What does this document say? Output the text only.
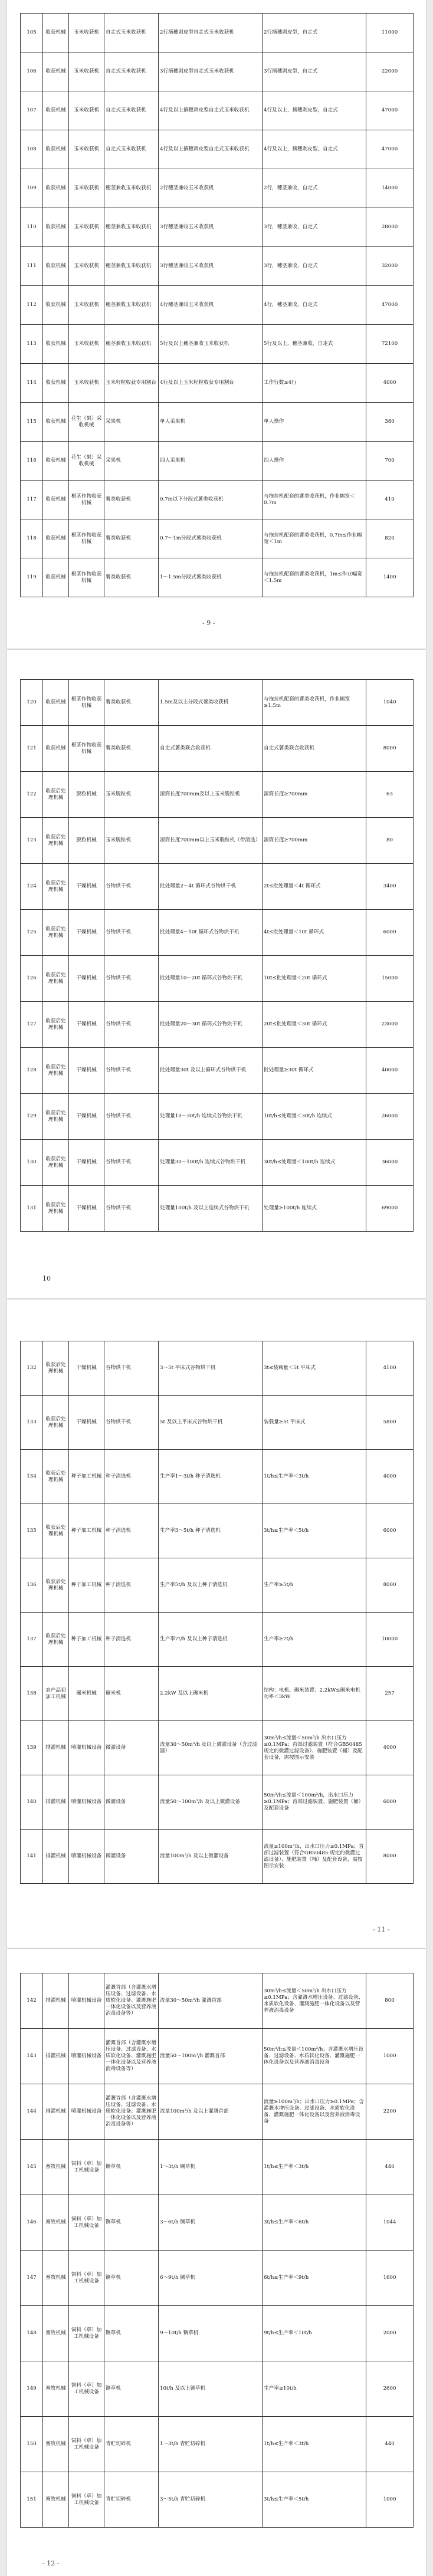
105	收获机械	玉米收获机	自走式玉米收获机	2行摘穗剥皮型自走式玉米收获机	2行摘穗剥皮型，自走式	11000
106	收获机械	玉米收获机	自走式玉米收获机	3行摘穗剥皮型自走式玉米收获机	3行摘穗剥皮型，自走式	22000
107	收获机械	玉米收获机	自走式玉米收获机	4行及以上摘穗剥皮型自走式玉米收获机	4行及以上，摘穗剥皮型，自走式	47000
108	收获机械	玉米收获机	自走式玉米收获机	4行及以上摘穗剥皮型自走式玉米收获机	4行及以上，摘穗剥皮型，自走式	47000
109	收获机械	玉米收获机	穗茎兼收玉米收获机	2行穗茎兼收玉米收获机	2行，穗茎兼收，自走式	14000
110	收获机械	玉米收获机	穗茎兼收玉米收获机	3行穗茎兼收玉米收获机	3行，穗茎兼收，自走式	28000
111	收获机械	玉米收获机	穗茎兼收玉米收获机	3行穗茎兼收玉米收获机	3行，穗茎兼收，自走式	32000
112	收获机械	玉米收获机	穗茎兼收玉米收获机	4行穗茎兼收玉米收获机	4行，穗茎兼收，自走式	47000
113	收获机械	玉米收获机	穗茎兼收玉米收获机	5行及以上穗茎兼收玉米收获机	5行及以上，穗茎兼收，自走式	72100
114	收获机械	玉米收获机	玉米籽粒收获专用割台	4行及以上玉米籽粒收获专用割台	工作行数≥4行	4000
115	收获机械	花生（果）采收机械	采果机	单人采果机	单人操作	380
116	收获机械	花生（果）采收机械	采果机	四人采果机	四人操作	700
117	收获机械	根茎作物收获机械	薯类收获机	0.7m以下分段式薯类收获机	与拖拉机配套的薯类收获机，作业幅宽＜0.7m	410
118	收获机械	根茎作物收获机械	薯类收获机	0.7～1m分段式薯类收获机	与拖拉机配套的薯类收获机，0.7m≤作业幅宽＜1m	820
119	收获机械	根茎作物收获机械	薯类收获机	1～1.5m分段式薯类收获机	与拖拉机配套的薯类收获机，1m≤作业幅宽＜1.5m	1400
- 9 -
120	收获机械	根茎作物收获机械	薯类收获机	1.5m及以上分段式薯类收获机	与拖拉机配套的薯类收获机，作业幅宽≥1.5m	1040
121	收获机械	根茎作物收获机械	薯类收获机	自走式薯类联合收获机	自走式薯类联合收获机	8000
122	收获后处理机械	脱粒机械	玉米脱粒机	滚筒长度700mm及以上玉米脱粒机	滚筒长度≥700mm	63
123	收获后处理机械	脱粒机械	玉米脱粒机	滚筒长度700mm以上玉米脱粒机（带清选）	滚筒长度≥700mm	80
124	收获后处理机械	干燥机械	谷物烘干机	批处理量2～4t 循环式谷物烘干机	2t≤批处理量＜4t 循环式	3400
125	收获后处理机械	干燥机械	谷物烘干机	批处理量4～10t 循环式谷物烘干机	4t≤批处理量＜10t 循环式	6000
126	收获后处理机械	干燥机械	谷物烘干机	批处理量10～20t 循环式谷物烘干机	10t≤批处理量＜20t 循环式	15000
127	收获后处理机械	干燥机械	谷物烘干机	批处理量20～30t 循环式谷物烘干机	20t≤批处理量＜30t 循环式	23000
128	收获后处理机械	干燥机械	谷物烘干机	批处理量30t 及以上循环式谷物烘干机	批处理量≥30t 循环式	40000
129	收获后处理机械	干燥机械	谷物烘干机	处理量10～30t/h 连续式谷物烘干机	10t/h≤处理量＜30t/h 连续式	26000
130	收获后处理机械	干燥机械	谷物烘干机	处理量30～100t/h 连续式谷物烘干机	30t/h≤处理量＜100t/h 连续式	36000
131	收获后处理机械	干燥机械	谷物烘干机	处理量100t/h 及以上连续式谷物烘干机	处理量≥100t/h 连续式	69000
10
132	收获后处理机械	干燥机械	谷物烘干机	3～5t 平床式谷物烘干机	3t≤装载量＜5t 平床式	4100
133	收获后处理机械	干燥机械	谷物烘干机	5t 及以上平床式谷物烘干机	装载量≥5t 平床式	5800
134	收获后处理机械	种子加工机械	种子清选机	生产率1～3t/h 种子清选机	1t/h≤生产率＜3t/h	4000
135	收获后处理机械	种子加工机械	种子清选机	生产率3～5t/h 种子清选机	3t/h≤生产率＜5t/h	6000
136	收获后处理机械	种子加工机械	种子清选机	生产率5t/h 及以上种子清选机	生产率≥5t/h	8000
137	收获后处理机械	种子加工机械	种子清选机	生产率7t/h 及以上种子清选机	生产率≥7t/h	10000
138	农产品初加工机械	碾米机械	碾米机	2.2kW 及以上碾米机	结构：电机、碾米装置；2.2kW≤碾米电机功率＜3kW	257
139	排灌机械	喷灌机械设备	微灌设备	流量30～50m³/h 及以上微灌设备（含过滤器）	30m³/h≤流量＜50m³/h 出水口压力≥0.1MPa；首部过滤装置（符合GB50485 规定的微灌过滤设备）、施肥装置（桶）及配套设备，需按图示安装	4000
140	排灌机械	喷灌机械设备	微灌设备	流量50～100m³/h 及以上微灌设备	50m³/h≤流量＜100m³/h，出水口压力≥0.1MPa；首部过滤装置、施肥装置（桶）及配套设备	6000
141	排灌机械	喷灌机械设备	微灌设备	流量100m³/h 及以上微灌设备	流量≥100m³/h，出水口压力≥0.1MPa；首部过滤装置（符合GB50485 规定的微灌过滤设备）、施肥装置（桶）及配套设备，需按图示安装	8000
- 11 -
142	排灌机械	喷灌机械设备	灌溉首部（含灌溉水增压设备、过滤设备、水质软化设备、灌溉施肥一体化设备以及营养液消毒设备等）	流量30～50m³/h 灌溉首部	30m³/h≤流量＜50m³/h 出水口压力≥0.1MPa；含灌溉水增压设备、过滤设备、水质软化设备、灌溉施肥一体化设备以及营养液消毒设备	800
143	排灌机械	喷灌机械设备	灌溉首部（含灌溉水增压设备、过滤设备、水质软化设备、灌溉施肥一体化设备以及营养液消毒设备等）	流量50～100m³/h 灌溉首部	50m³/h≤流量＜100m³/h；含灌溉水增压设备、过滤设备、水质软化设备、灌溉施肥一体化设备以及营养液消毒设备	1000
144	排灌机械	喷灌机械设备	灌溉首部（含灌溉水增压设备、过滤设备、水质软化设备、灌溉施肥一体化设备以及营养液消毒设备等）	流量100m³/h 及以上灌溉首部	流量≥100m³/h；出水口压力≥0.1MPa；含灌溉水增压设备、过滤设备、水质软化设备、灌溉施肥一体化设备以及营养液消毒设备	2200
145	畜牧机械	饲料（草）加工机械设备	铡草机	1～3t/h 铡草机	1t/h≤生产率＜3t/h	440
146	畜牧机械	饲料（草）加工机械设备	铡草机	3～6t/h 铡草机	3t/h≤生产率＜6t/h	1044
147	畜牧机械	饲料（草）加工机械设备	铡草机	6～9t/h 铡草机	6t/h≤生产率＜9t/h	1600
148	畜牧机械	饲料（草）加工机械设备	铡草机	9～10t/h 铡草机	9t/h≤生产率＜10t/h	2000
149	畜牧机械	饲料（草）加工机械设备	铡草机	10t/h 及以上铡草机	生产率≥10t/h	2600
150	畜牧机械	饲料（草）加工机械设备	青贮切碎机	1～3t/h 青贮切碎机	1t/h≤生产率＜3t/h	440
151	畜牧机械	饲料（草）加工机械设备	青贮切碎机	3～5t/h 青贮切碎机	3t/h≤生产率＜5t/h	1000
- 12 -
